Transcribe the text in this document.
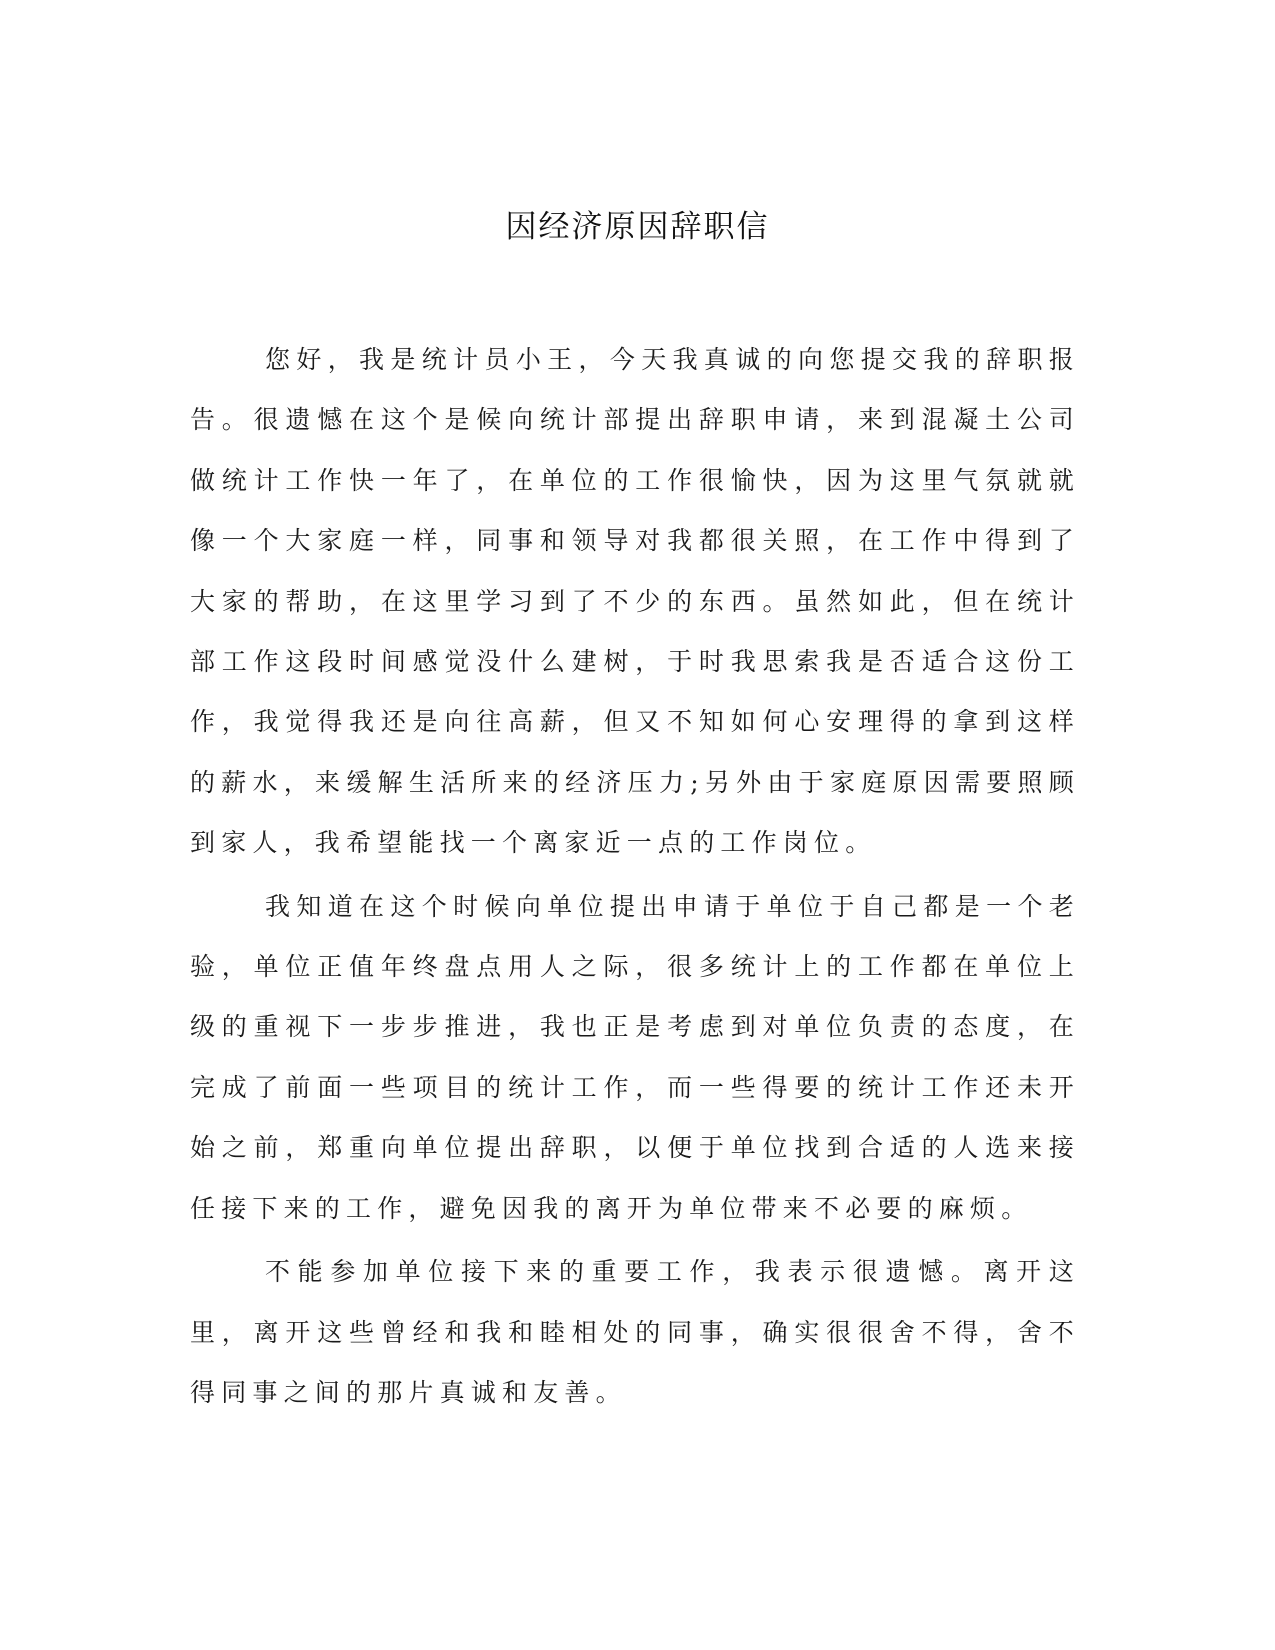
因经济原因辞职信

您好，我是统计员小王，今天我真诚的向您提交我的辞职报告。很遗憾在这个是候向统计部提出辞职申请，来到混凝土公司做统计工作快一年了，在单位的工作很愉快，因为这里气氛就就像一个大家庭一样，同事和领导对我都很关照，在工作中得到了大家的帮助，在这里学习到了不少的东西。虽然如此，但在统计部工作这段时间感觉没什么建树，于时我思索我是否适合这份工作，我觉得我还是向往高薪，但又不知如何心安理得的拿到这样的薪水，来缓解生活所来的经济压力;另外由于家庭原因需要照顾到家人，我希望能找一个离家近一点的工作岗位。

我知道在这个时候向单位提出申请于单位于自己都是一个老验，单位正值年终盘点用人之际，很多统计上的工作都在单位上级的重视下一步步推进，我也正是考虑到对单位负责的态度，在完成了前面一些项目的统计工作，而一些得要的统计工作还未开始之前，郑重向单位提出辞职，以便于单位找到合适的人选来接任接下来的工作，避免因我的离开为单位带来不必要的麻烦。

不能参加单位接下来的重要工作，我表示很遗憾。离开这里，离开这些曾经和我和睦相处的同事，确实很很舍不得，舍不得同事之间的那片真诚和友善。
